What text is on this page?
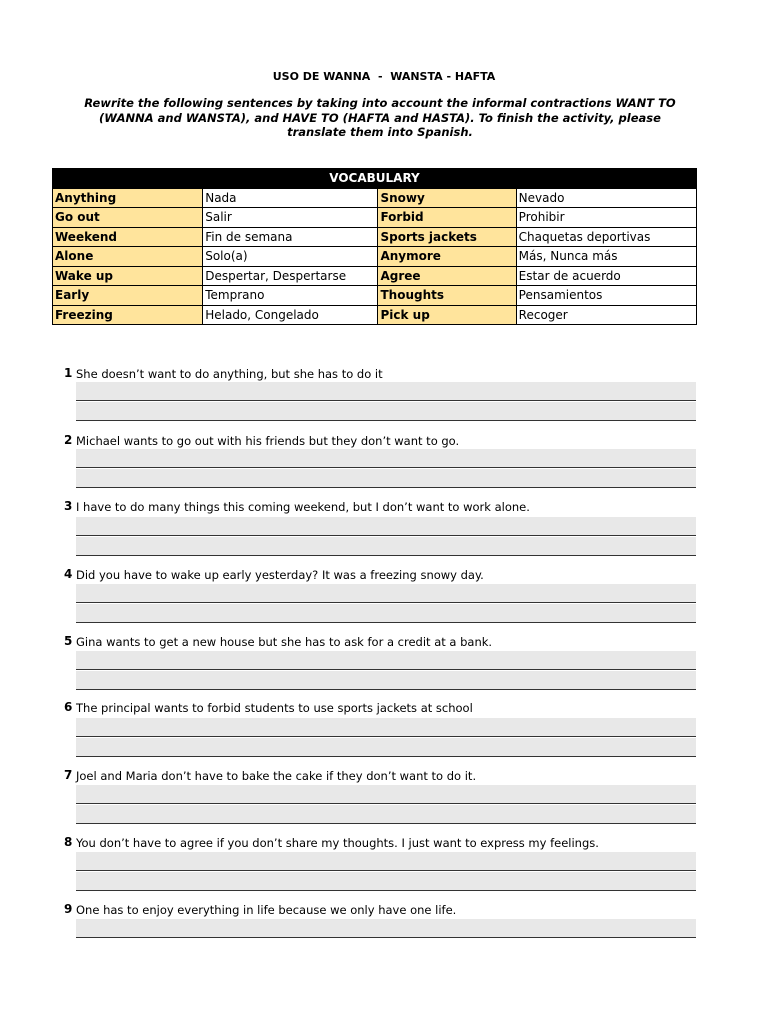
USO DE WANNA  -  WANSTA - HAFTA
Rewrite the following sentences by taking into account the informal contractions WANT TO (WANNA and WANSTA), and HAVE TO (HAFTA and HASTA). To finish the activity, please translate them into Spanish.
VOCABULARY			
Anything	Nada	Snowy	Nevado
Go out	Salir	Forbid	Prohibir
Weekend	Fin de semana	Sports jackets	Chaquetas deportivas
Alone	Solo(a)	Anymore	Más, Nunca más
Wake up	Despertar, Despertarse	Agree	Estar de acuerdo
Early	Temprano	Thoughts	Pensamientos
Freezing	Helado, Congelado	Pick up	Recoger
1 She doesn’t want to do anything, but she has to do it
2 Michael wants to go out with his friends but they don’t want to go.
3 I have to do many things this coming weekend, but I don’t want to work alone.
4 Did you have to wake up early yesterday? It was a freezing snowy day.
5 Gina wants to get a new house but she has to ask for a credit at a bank.
6 The principal wants to forbid students to use sports jackets at school
7 Joel and Maria don’t have to bake the cake if they don’t want to do it.
8 You don’t have to agree if you don’t share my thoughts. I just want to express my feelings.
9 One has to enjoy everything in life because we only have one life.
